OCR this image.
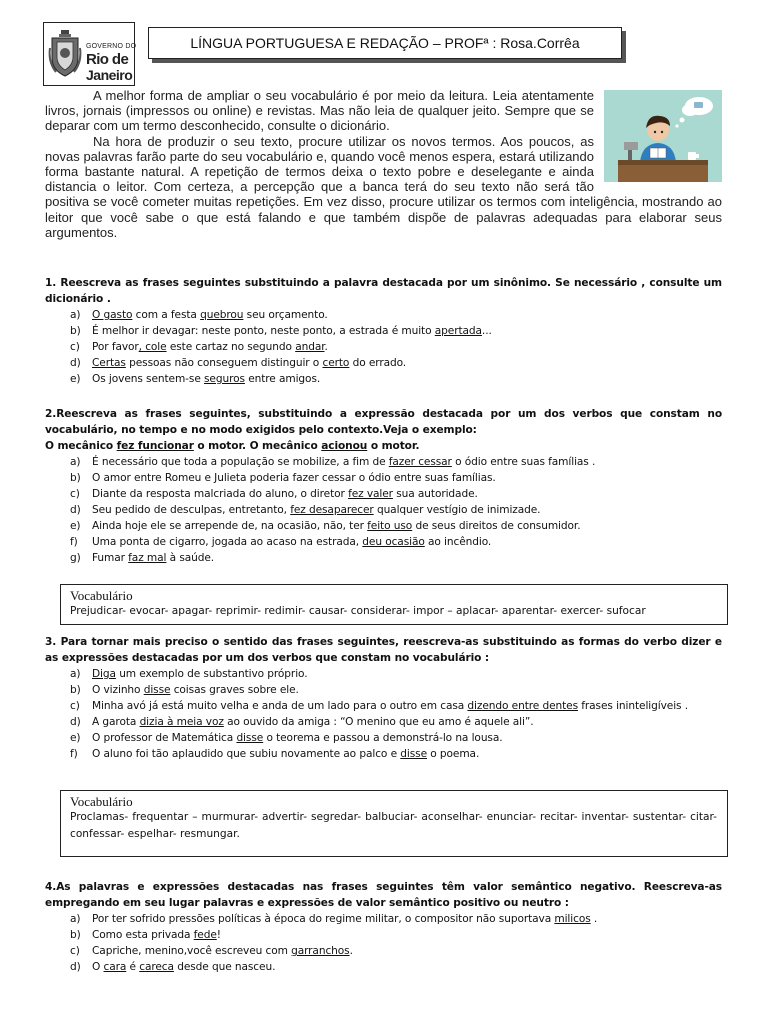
GOVERNO DO
Rio de
Janeiro
LÍNGUA PORTUGUESA E REDAÇÃO – PROFª : Rosa.Corrêa

A melhor forma de ampliar o seu vocabulário é por meio da leitura. Leia atentamente livros, jornais (impressos ou online) e revistas. Mas não leia de qualquer jeito. Sempre que se deparar com um termo desconhecido, consulte o dicionário.

Na hora de produzir o seu texto, procure utilizar os novos termos. Aos poucos, as novas palavras farão parte do seu vocabulário e, quando você menos espera, estará utilizando forma bastante natural. A repetição de termos deixa o texto pobre e deselegante e ainda distancia o leitor. Com certeza, a percepção que a banca terá do seu texto não será tão positiva se você cometer muitas repetições. Em vez disso, procure utilizar os termos com inteligência, mostrando ao leitor que você sabe o que está falando e que também dispõe de palavras adequadas para elaborar seus argumentos.

1. Reescreva as frases seguintes substituindo a palavra destacada por um sinônimo. Se necessário , consulte um dicionário .

a) O gasto com a festa quebrou seu orçamento.
b) É melhor ir devagar: neste ponto, neste ponto, a estrada é muito apertada...
c) Por favor, cole este cartaz no segundo andar.
d) Certas pessoas não conseguem distinguir o certo do errado.
e) Os jovens sentem-se seguros entre amigos.

2.Reescreva as frases seguintes, substituindo a expressão destacada por um dos verbos que constam no vocabulário, no tempo e no modo exigidos pelo contexto.Veja o exemplo:

O mecânico fez funcionar o motor. O mecânico acionou o motor.

a) É necessário que toda a população se mobilize, a fim de fazer cessar o ódio entre suas famílias .
b) O amor entre Romeu e Julieta poderia fazer cessar o ódio entre suas famílias.
c) Diante da resposta malcriada do aluno, o diretor fez valer sua autoridade.
d) Seu pedido de desculpas, entretanto, fez desaparecer qualquer vestígio de inimizade.
e) Ainda hoje ele se arrepende de, na ocasião, não, ter feito uso de seus direitos de consumidor.
f) Uma ponta de cigarro, jogada ao acaso na estrada, deu ocasião ao incêndio.
g) Fumar faz mal à saúde.
Vocabulário
Prejudicar- evocar- apagar- reprimir- redimir- causar- considerar- impor – aplacar- aparentar- exercer- sufocar

3. Para tornar mais preciso o sentido das frases seguintes, reescreva-as substituindo as formas do verbo dizer e as expressões destacadas por um dos verbos que constam no vocabulário :

a) Diga um exemplo de substantivo próprio.
b) O vizinho disse coisas graves sobre ele.
c) Minha avó já está muito velha e anda de um lado para o outro em casa dizendo entre dentes frases ininteligíveis .
d) A garota dizia à meia voz ao ouvido da amiga : “O menino que eu amo é aquele ali”.
e) O professor de Matemática disse o teorema e passou a demonstrá-lo na lousa.
f) O aluno foi tão aplaudido que subiu novamente ao palco e disse o poema.
Vocabulário
Proclamas- frequentar – murmurar- advertir- segredar- balbuciar- aconselhar- enunciar- recitar- inventar- sustentar- citar- confessar- espelhar- resmungar.

4.As palavras e expressões destacadas nas frases seguintes têm valor semântico negativo. Reescreva-as empregando em seu lugar palavras e expressões de valor semântico positivo ou neutro :

a) Por ter sofrido pressões políticas à época do regime militar, o compositor não suportava milicos .
b) Como esta privada fede!
c) Capriche, menino,você escreveu com garranchos.
d) O cara é careca desde que nasceu.
